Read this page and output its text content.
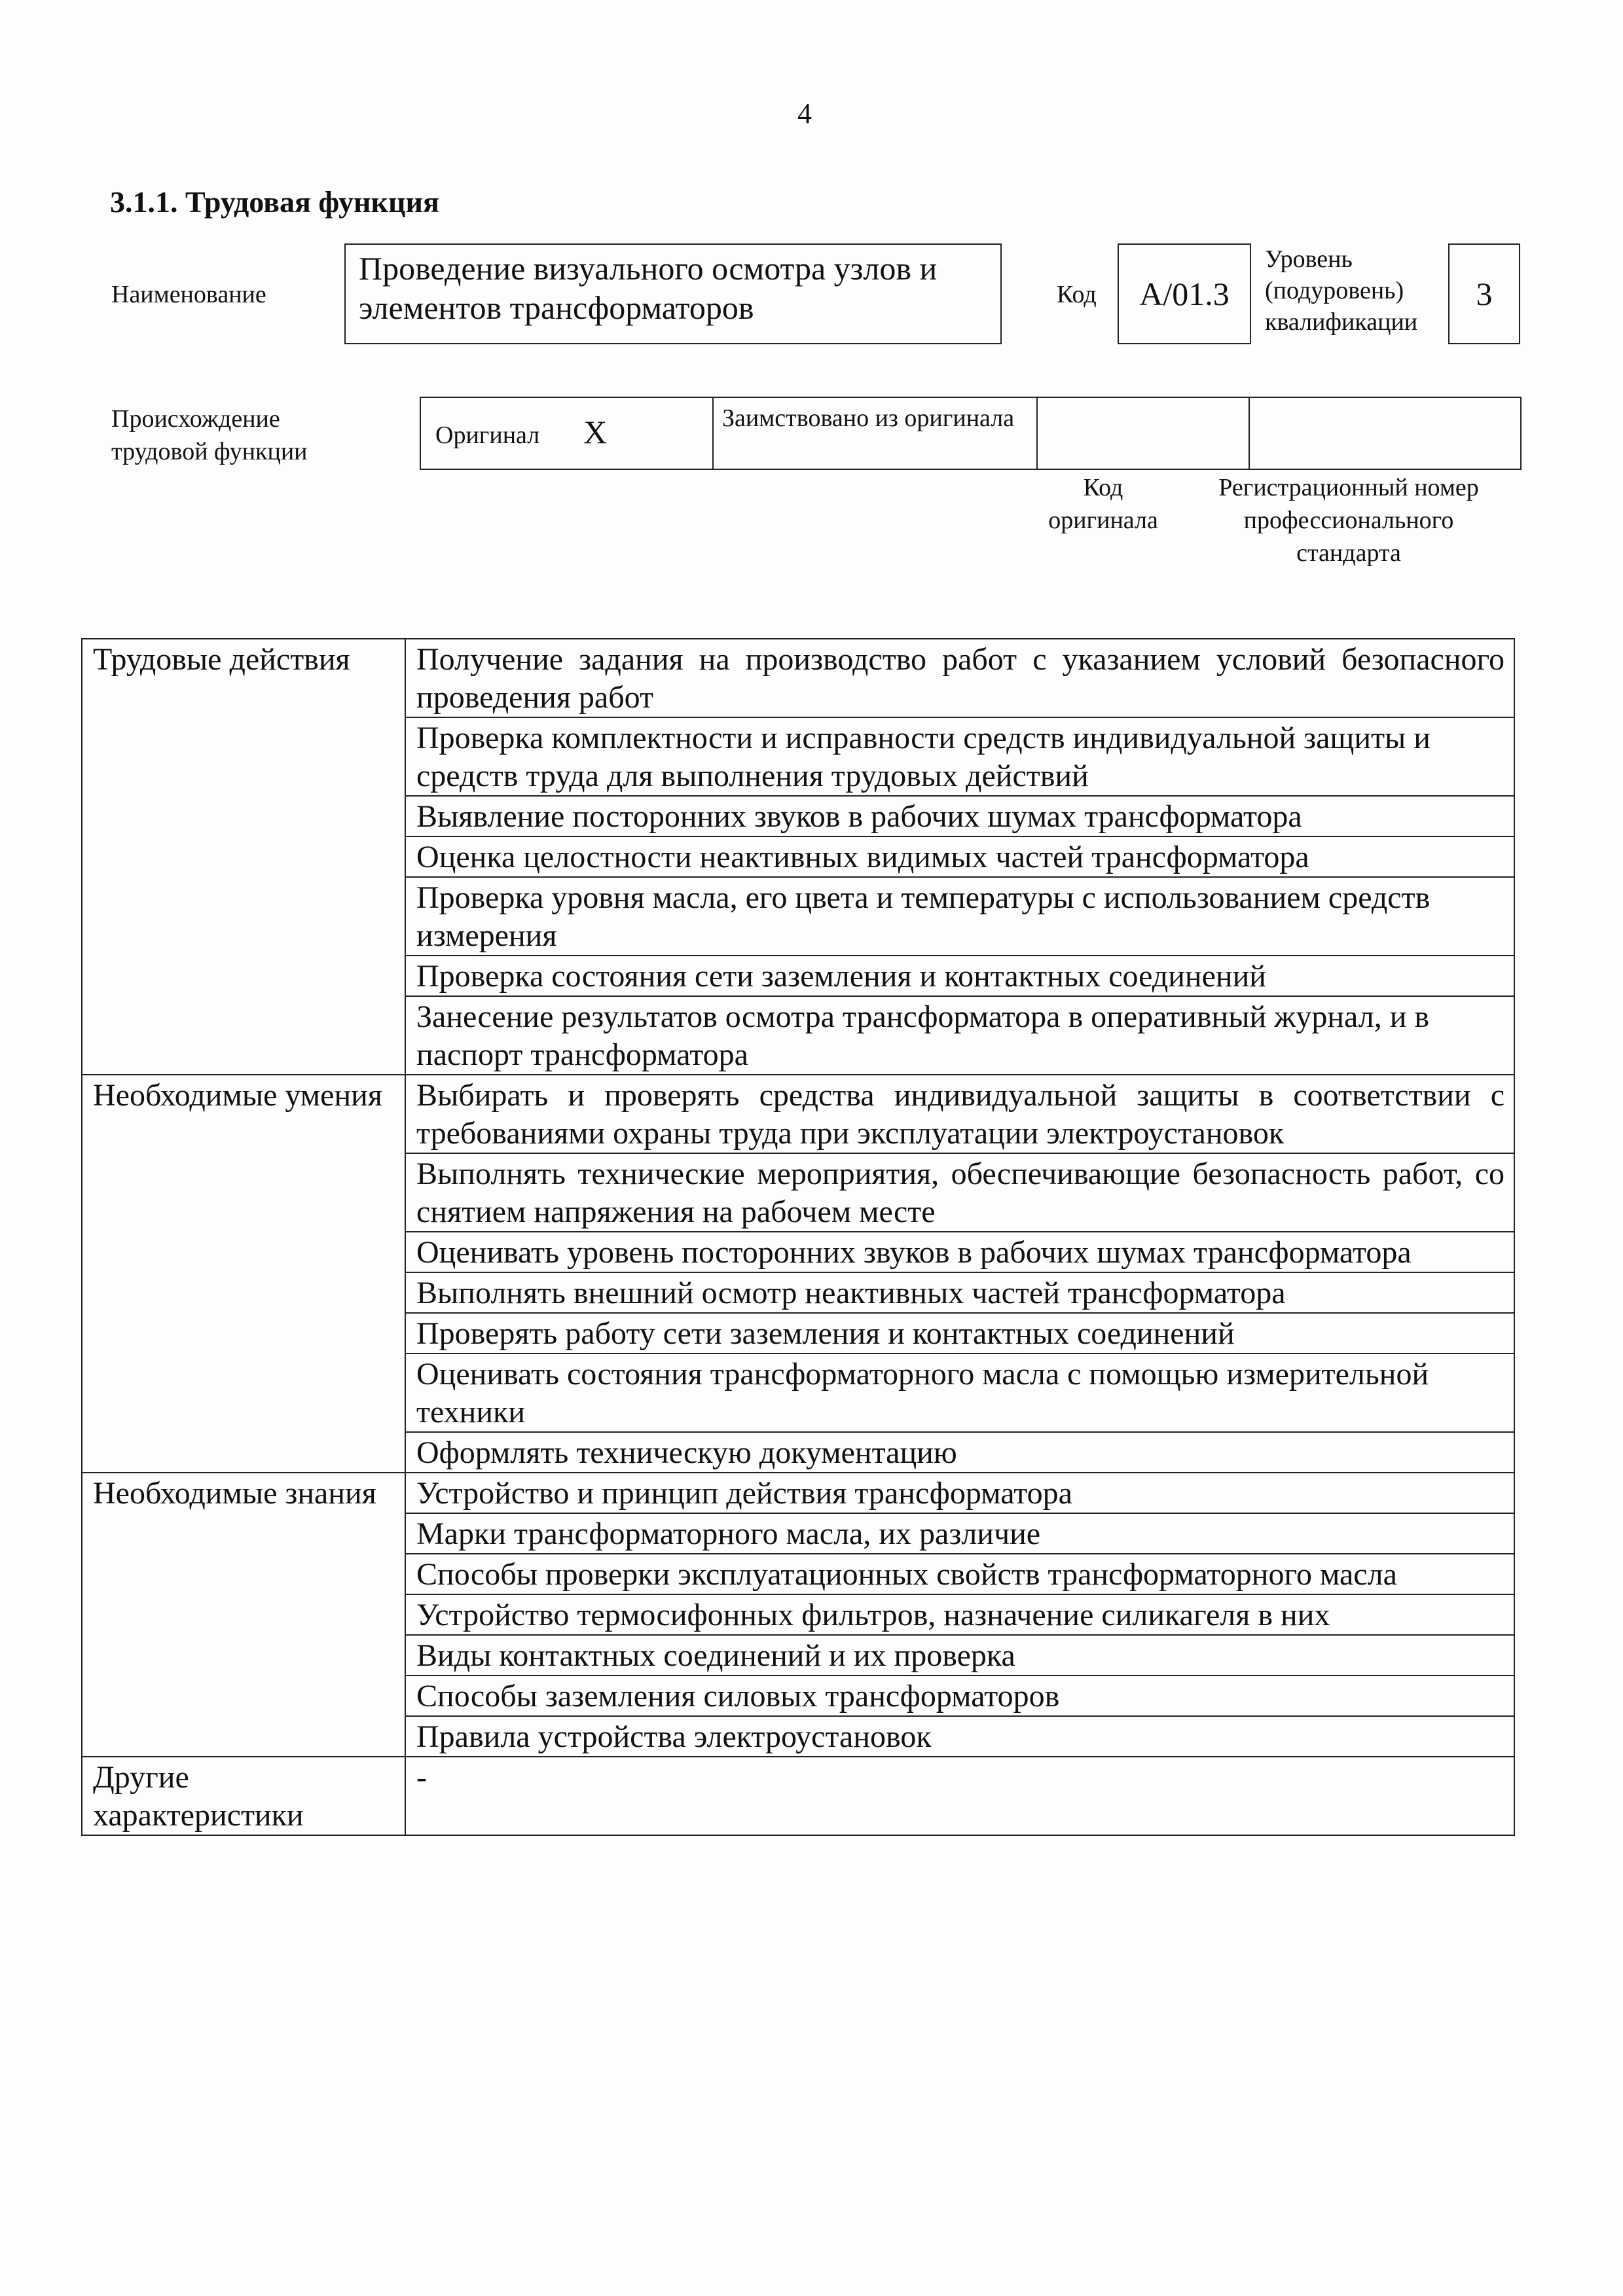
4
3.1.1. Трудовая функция
Наименование
Проведение визуального осмотра узлов и элементов трансформаторов	Код A/01.3
Уровень (подуровень) квалификации
3
Происхождение трудовой функции
Оригинал X	Заимствовано из оригинала
Код оригинала
Регистрационный номер профессионального стандарта
Трудовые действия	Получение задания на производство работ с указанием условий безопасного проведения работ
	Проверка комплектности и исправности средств индивидуальной защиты и средств труда для выполнения трудовых действий
	Выявление посторонних звуков в рабочих шумах трансформатора
	Оценка целостности неактивных видимых частей трансформатора
	Проверка уровня масла, его цвета и температуры с использованием средств измерения
	Проверка состояния сети заземления и контактных соединений
	Занесение результатов осмотра трансформатора в оперативный журнал, и в паспорт трансформатора
Необходимые умения	Выбирать и проверять средства индивидуальной защиты в соответствии с требованиями охраны труда при эксплуатации электроустановок
	Выполнять технические мероприятия, обеспечивающие безопасность работ, со снятием напряжения на рабочем месте
	Оценивать уровень посторонних звуков в рабочих шумах трансформатора
	Выполнять внешний осмотр неактивных частей трансформатора
	Проверять работу сети заземления и контактных соединений
	Оценивать состояния трансформаторного масла с помощью измерительной техники
	Оформлять техническую документацию
Необходимые знания	Устройство и принцип действия трансформатора
	Марки трансформаторного масла, их различие
	Способы проверки эксплуатационных свойств трансформаторного масла
	Устройство термосифонных фильтров, назначение силикагеля в них
	Виды контактных соединений и их проверка
	Способы заземления силовых трансформаторов
	Правила устройства электроустановок
Другие характеристики	-
